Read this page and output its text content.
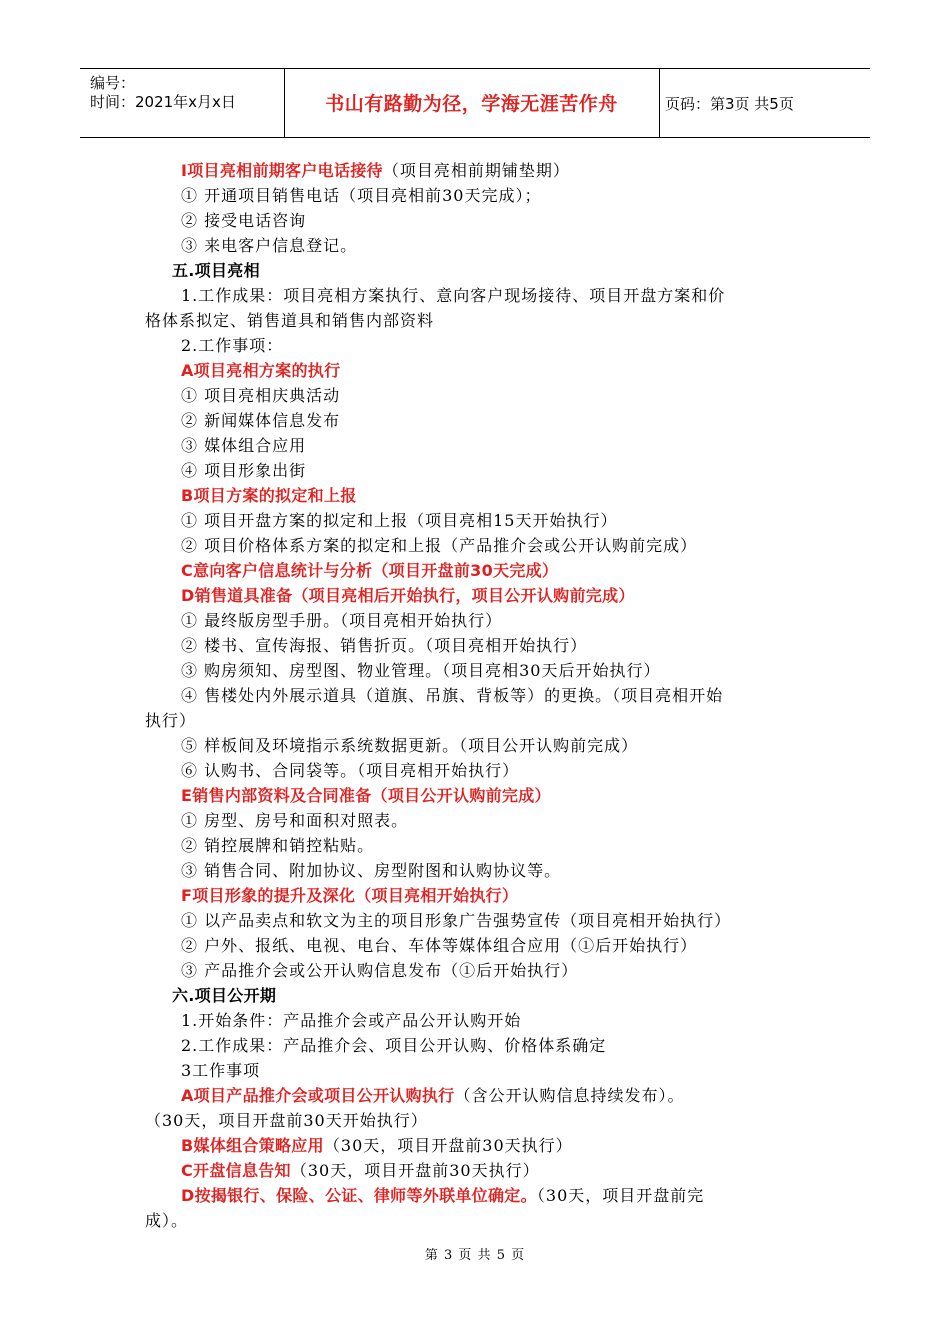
编号：
时间：2021年x月x日	书山有路勤为径，学海无涯苦作舟	页码：第3页 共5页
I项目亮相前期客户电话接待（项目亮相前期铺垫期）
① 开通项目销售电话（项目亮相前30天完成）；
② 接受电话咨询
③ 来电客户信息登记。
五.项目亮相
1.工作成果：项目亮相方案执行、意向客户现场接待、项目开盘方案和价
格体系拟定、销售道具和销售内部资料
2.工作事项：
A项目亮相方案的执行
① 项目亮相庆典活动
② 新闻媒体信息发布
③ 媒体组合应用
④ 项目形象出街
B项目方案的拟定和上报
① 项目开盘方案的拟定和上报（项目亮相15天开始执行）
② 项目价格体系方案的拟定和上报（产品推介会或公开认购前完成）
C意向客户信息统计与分析（项目开盘前30天完成）
D销售道具准备（项目亮相后开始执行，项目公开认购前完成）
① 最终版房型手册。（项目亮相开始执行）
② 楼书、宣传海报、销售折页。（项目亮相开始执行）
③ 购房须知、房型图、物业管理。（项目亮相30天后开始执行）
④ 售楼处内外展示道具（道旗、吊旗、背板等）的更换。（项目亮相开始
执行）
⑤ 样板间及环境指示系统数据更新。（项目公开认购前完成）
⑥ 认购书、合同袋等。（项目亮相开始执行）
E销售内部资料及合同准备（项目公开认购前完成）
① 房型、房号和面积对照表。
② 销控展牌和销控粘贴。
③ 销售合同、附加协议、房型附图和认购协议等。
F项目形象的提升及深化（项目亮相开始执行）
① 以产品卖点和软文为主的项目形象广告强势宣传（项目亮相开始执行）
② 户外、报纸、电视、电台、车体等媒体组合应用（①后开始执行）
③ 产品推介会或公开认购信息发布（①后开始执行）
六.项目公开期
1.开始条件：产品推介会或产品公开认购开始
2.工作成果：产品推介会、项目公开认购、价格体系确定
3工作事项
A项目产品推介会或项目公开认购执行（含公开认购信息持续发布）。
（30天，项目开盘前30天开始执行）
B媒体组合策略应用（30天，项目开盘前30天执行）
C开盘信息告知（30天，项目开盘前30天执行）
D按揭银行、保险、公证、律师等外联单位确定。（30天，项目开盘前完
成）。
第 3 页 共 5 页
